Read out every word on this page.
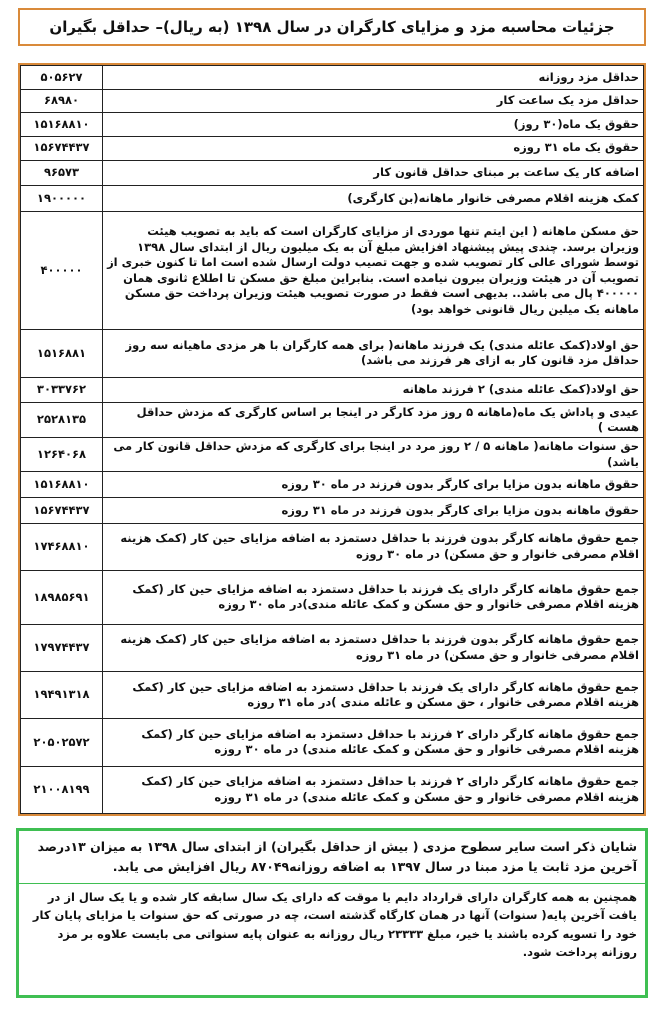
جزئیات محاسبه مزد و مزایای کارگران در سال ۱۳۹۸ (به ریال)– حداقل بگیران
۵۰۵۶۲۷	حداقل مزد روزانه
۶۸۹۸۰	حداقل مزد یک ساعت کار
۱۵۱۶۸۸۱۰	حقوق یک ماه(۳۰ روز)
۱۵۶۷۴۴۳۷	حقوق یک ماه ۳۱ روزه
۹۶۵۷۳	اضافه کار یک ساعت بر مبنای حداقل قانون کار
۱۹۰۰۰۰۰	کمک هزینه اقلام مصرفی خانوار ماهانه(بن کارگری)
۴۰۰۰۰۰	حق مسکن ماهانه ( این ایتم تنها موردی از مزایای کارگران است که باید به تصویب هیئت وزیران برسد. چندی پیش پیشنهاد افزایش مبلغ آن به یک میلیون ریال از ابتدای سال ۱۳۹۸ توسط شورای عالی کار تصویب شده و جهت تصیب دولت ارسال شده است اما تا کنون خبری از تصویب آن در هیئت وزیران بیرون نیامده است. بنابراین مبلغ حق مسکن تا اطلاع ثانوی همان ۴۰۰۰۰۰ پال می باشد.. بدیهی است فقط در صورت تصویب هیئت وزیران پرداخت حق مسکن ماهانه یک میلین ریال قانونی خواهد بود)
۱۵۱۶۸۸۱	حق اولاد(کمک عائله مندی) یک فرزند ماهانه( برای همه کارگران با هر مزدی ماهیانه سه روز حداقل مزد قانون کار به ازای هر فرزند می باشد)
۳۰۳۳۷۶۲	حق اولاد(کمک عائله مندی) ۲ فرزند ماهانه
۲۵۲۸۱۳۵	عیدی و پاداش یک ماه(ماهانه ۵ روز مزد کارگر در اینجا بر اساس کارگری که مزدش حداقل هست )
۱۲۶۴۰۶۸	حق سنوات ماهانه( ماهانه ۵ / ۲ روز مرد در اینجا برای کارگری که مزدش حداقل قانون کار می باشد)
۱۵۱۶۸۸۱۰	حقوق ماهانه بدون مزایا برای کارگر بدون فرزند در ماه ۳۰ روزه
۱۵۶۷۴۴۳۷	حقوق ماهانه بدون مزایا برای کارگر بدون فرزند در ماه ۳۱ روزه
۱۷۴۶۸۸۱۰	جمع حقوق ماهانه کارگر بدون فرزند با حداقل دستمزد به اضافه مزایای حین کار (کمک هزینه اقلام مصرفی خانوار و حق مسکن) در ماه ۳۰ روزه
۱۸۹۸۵۶۹۱	جمع حقوق ماهانه کارگر دارای یک فرزند با حداقل دستمزد به اضافه مزایای حین کار (کمک هزینه اقلام مصرفی خانوار و حق مسکن و کمک عائله مندی)در ماه ۳۰ روزه
۱۷۹۷۴۴۳۷	جمع حقوق ماهانه کارگر بدون فرزند با حداقل دستمزد به اضافه مزایای حین کار (کمک هزینه اقلام مصرفی خانوار و حق مسکن) در ماه ۳۱ روزه
۱۹۴۹۱۳۱۸	جمع حقوق ماهانه کارگر دارای یک فرزند با حداقل دستمزد به اضافه مزایای حین کار (کمک هزینه اقلام مصرفی خانوار ، حق مسکن و عائله مندی )در ماه ۳۱ روزه
۲۰۵۰۲۵۷۲	جمع حقوق ماهانه کارگر دارای ۲ فرزند با حداقل دستمزد به اضافه مزایای حین کار (کمک هزینه اقلام مصرفی خانوار و حق مسکن و کمک عائله مندی) در ماه ۳۰ روزه
۲۱۰۰۸۱۹۹	جمع حقوق ماهانه کارگر دارای ۲ فرزند با حداقل دستمزد به اضافه مزایای حین کار (کمک هزینه اقلام مصرفی خانوار و حق مسکن و کمک عائله مندی) در ماه ۳۱ روزه
شایان ذکر است سایر سطوح مزدی ( بیش از حداقل بگیران) از ابتدای سال ۱۳۹۸ به میزان ۱۳درصد آخرین مزد ثابت یا مزد مبنا در سال ۱۳۹۷ به اضافه روزانه۸۷۰۴۹ ریال افزایش می یابد.
همچنین به همه کارگران دارای قرارداد دایم یا موقت که دارای یک سال سابقه کار شده و یا یک سال از در یافت آخرین پایه( سنوات) آنها در همان کارگاه گذشته است، چه در صورتی که حق سنوات یا مزایای پایان کار خود را تسویه کرده باشند یا خیر، مبلغ ۲۳۳۳۳ ریال روزانه به عنوان پایه سنواتی می بایست علاوه بر مزد روزانه پرداخت شود.
